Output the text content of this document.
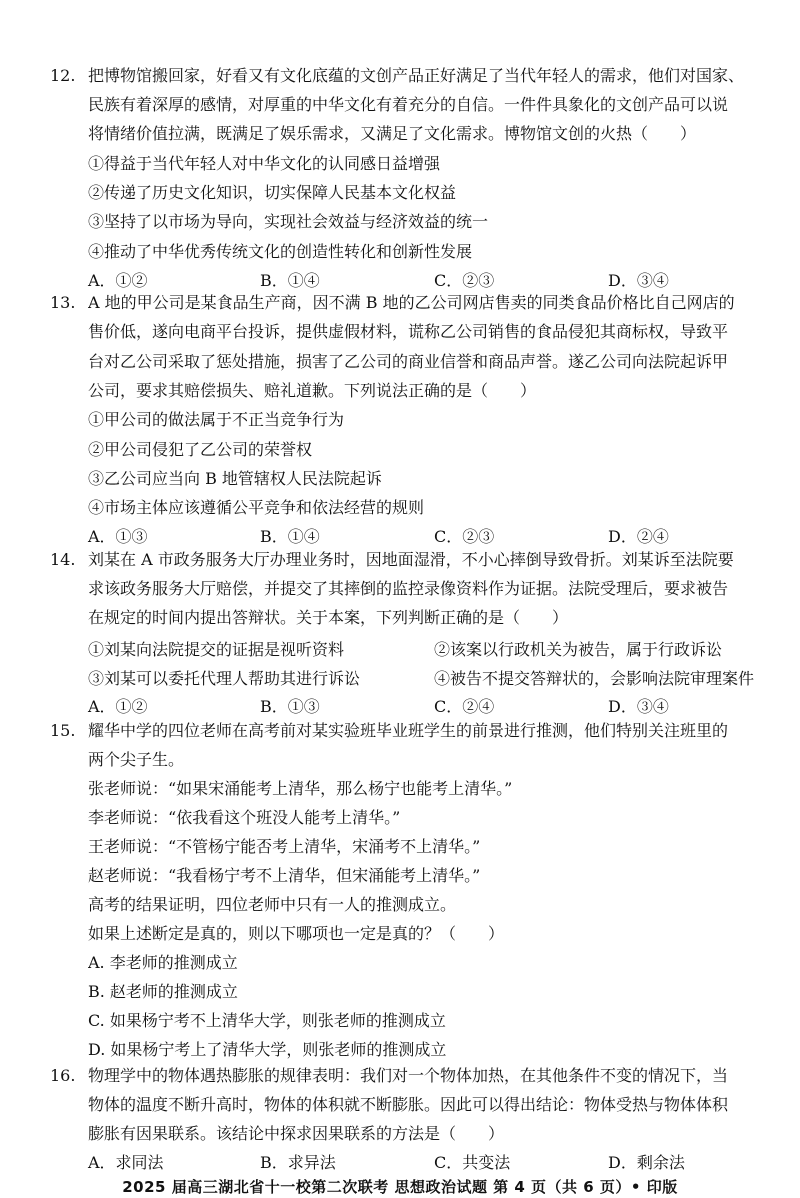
12. 把博物馆搬回家，好看又有文化底蕴的文创产品正好满足了当代年轻人的需求，他们对国家、
民族有着深厚的感情，对厚重的中华文化有着充分的自信。一件件具象化的文创产品可以说
将情绪价值拉满，既满足了娱乐需求，又满足了文化需求。博物馆文创的火热（　　）
①得益于当代年轻人对中华文化的认同感日益增强
②传递了历史文化知识，切实保障人民基本文化权益
③坚持了以市场为导向，实现社会效益与经济效益的统一
④推动了中华优秀传统文化的创造性转化和创新性发展
A．①②	B．①④	C．②③	D．③④
13. A 地的甲公司是某食品生产商，因不满 B 地的乙公司网店售卖的同类食品价格比自己网店的
售价低，遂向电商平台投诉，提供虚假材料，谎称乙公司销售的食品侵犯其商标权，导致平
台对乙公司采取了惩处措施，损害了乙公司的商业信誉和商品声誉。遂乙公司向法院起诉甲
公司，要求其赔偿损失、赔礼道歉。下列说法正确的是（　　）
①甲公司的做法属于不正当竞争行为
②甲公司侵犯了乙公司的荣誉权
③乙公司应当向 B 地管辖权人民法院起诉
④市场主体应该遵循公平竞争和依法经营的规则
A．①③	B．①④	C．②③	D．②④
14. 刘某在 A 市政务服务大厅办理业务时，因地面湿滑，不小心摔倒导致骨折。刘某诉至法院要
求该政务服务大厅赔偿，并提交了其摔倒的监控录像资料作为证据。法院受理后，要求被告
在规定的时间内提出答辩状。关于本案，下列判断正确的是（　　）
①刘某向法院提交的证据是视听资料	②该案以行政机关为被告，属于行政诉讼
③刘某可以委托代理人帮助其进行诉讼	④被告不提交答辩状的，会影响法院审理案件
A．①②	B．①③	C．②④	D．③④
15. 耀华中学的四位老师在高考前对某实验班毕业班学生的前景进行推测，他们特别关注班里的
两个尖子生。
张老师说：“如果宋涌能考上清华，那么杨宁也能考上清华。”
李老师说：“依我看这个班没人能考上清华。”
王老师说：“不管杨宁能否考上清华，宋涌考不上清华。”
赵老师说：“我看杨宁考不上清华，但宋涌能考上清华。”
高考的结果证明，四位老师中只有一人的推测成立。
如果上述断定是真的，则以下哪项也一定是真的？（　　）
A. 李老师的推测成立
B. 赵老师的推测成立
C. 如果杨宁考不上清华大学，则张老师的推测成立
D. 如果杨宁考上了清华大学，则张老师的推测成立
16. 物理学中的物体遇热膨胀的规律表明：我们对一个物体加热，在其他条件不变的情况下，当
物体的温度不断升高时，物体的体积就不断膨胀。因此可以得出结论：物体受热与物体体积
膨胀有因果联系。该结论中探求因果联系的方法是（　　）
A．求同法	B．求异法	C．共变法	D．剩余法
2025 届高三湖北省十一校第二次联考 思想政治试题 第 4 页（共 6 页）• 印版
